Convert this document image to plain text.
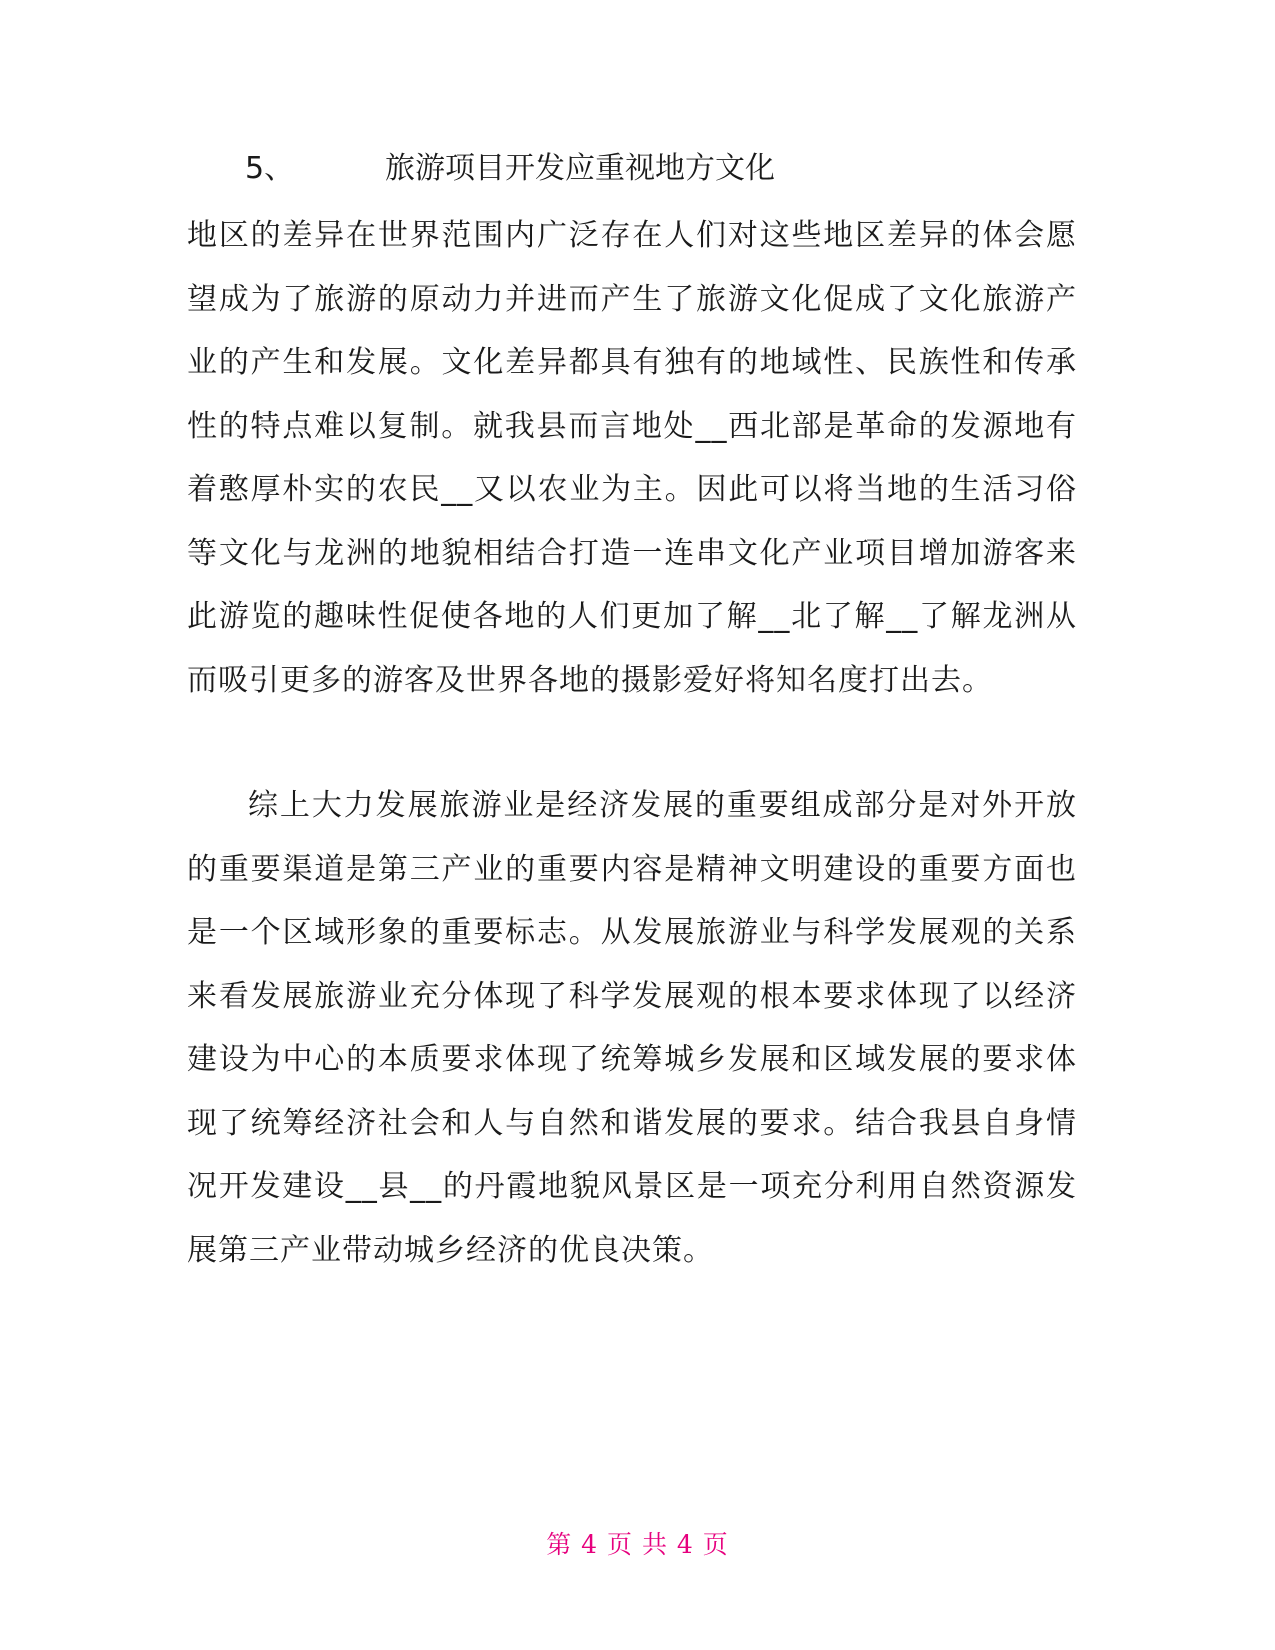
5、	旅游项目开发应重视地方文化

地区的差异在世界范围内广泛存在人们对这些地区差异的体会愿望成为了旅游的原动力并进而产生了旅游文化促成了文化旅游产业的产生和发展。文化差异都具有独有的地域性、民族性和传承性的特点难以复制。就我县而言地处__西北部是革命的发源地有着憨厚朴实的农民__又以农业为主。因此可以将当地的生活习俗等文化与龙洲的地貌相结合打造一连串文化产业项目增加游客来此游览的趣味性促使各地的人们更加了解__北了解__了解龙洲从而吸引更多的游客及世界各地的摄影爱好将知名度打出去。

综上大力发展旅游业是经济发展的重要组成部分是对外开放的重要渠道是第三产业的重要内容是精神文明建设的重要方面也是一个区域形象的重要标志。从发展旅游业与科学发展观的关系来看发展旅游业充分体现了科学发展观的根本要求体现了以经济建设为中心的本质要求体现了统筹城乡发展和区域发展的要求体现了统筹经济社会和人与自然和谐发展的要求。结合我县自身情况开发建设__县__的丹霞地貌风景区是一项充分利用自然资源发展第三产业带动城乡经济的优良决策。

第 4 页 共 4 页
